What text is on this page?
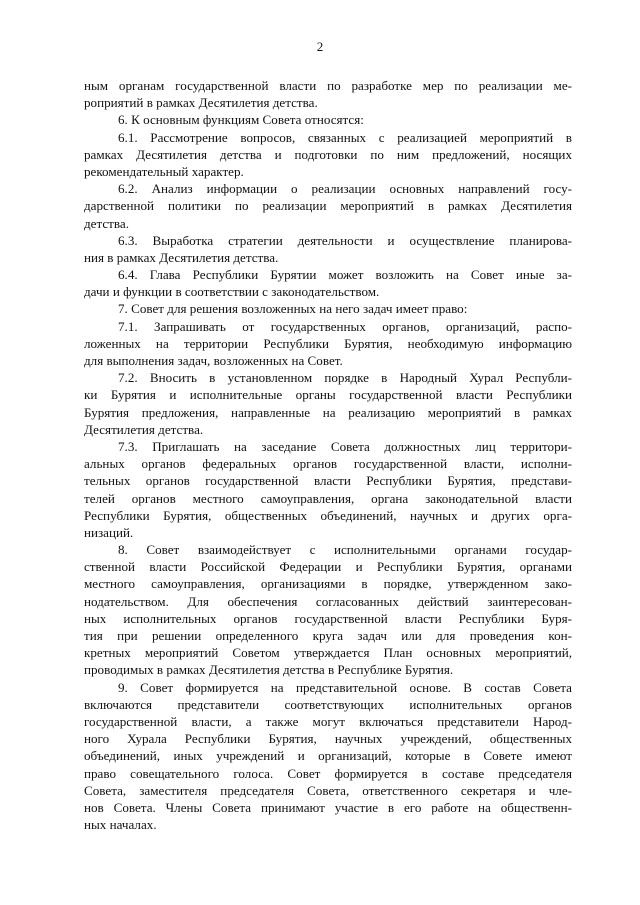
2
ным органам государственной власти по разработке мер по реализации ме-
роприятий в рамках Десятилетия детства.
6. К основным функциям Совета относятся:
6.1. Рассмотрение вопросов, связанных с реализацией мероприятий в
рамках Десятилетия детства и подготовки по ним предложений, носящих
рекомендательный характер.
6.2. Анализ информации о реализации основных направлений госу-
дарственной политики по реализации мероприятий в рамках Десятилетия
детства.
6.3. Выработка стратегии деятельности и осуществление планирова-
ния в рамках Десятилетия детства.
6.4. Глава Республики Бурятии может возложить на Совет иные за-
дачи и функции в соответствии с законодательством.
7. Совет для решения возложенных на него задач имеет право:
7.1. Запрашивать от государственных органов, организаций, распо-
ложенных на территории Республики Бурятия, необходимую информацию
для выполнения задач, возложенных на Совет.
7.2. Вносить в установленном порядке в Народный Хурал Республи-
ки Бурятия и исполнительные органы государственной власти Республики
Бурятия предложения, направленные на реализацию мероприятий в рамках
Десятилетия детства.
7.3. Приглашать на заседание Совета должностных лиц территори-
альных органов федеральных органов государственной власти, исполни-
тельных органов государственной власти Республики Бурятия, представи-
телей органов местного самоуправления, органа законодательной власти
Республики Бурятия, общественных объединений, научных и других орга-
низаций.
8. Совет взаимодействует с исполнительными органами государ-
ственной власти Российской Федерации и Республики Бурятия, органами
местного самоуправления, организациями в порядке, утвержденном зако-
нодательством. Для обеспечения согласованных действий заинтересован-
ных исполнительных органов государственной власти Республики Буря-
тия при решении определенного круга задач или для проведения кон-
кретных мероприятий Советом утверждается План основных мероприятий,
проводимых в рамках Десятилетия детства в Республике Бурятия.
9. Совет формируется на представительной основе. В состав Совета
включаются представители соответствующих исполнительных органов
государственной власти, а также могут включаться представители Народ-
ного Хурала Республики Бурятия, научных учреждений, общественных
объединений, иных учреждений и организаций, которые в Совете имеют
право совещательного голоса. Совет формируется в составе председателя
Совета, заместителя председателя Совета, ответственного секретаря и чле-
нов Совета. Члены Совета принимают участие в его работе на общественн-
ных началах.
